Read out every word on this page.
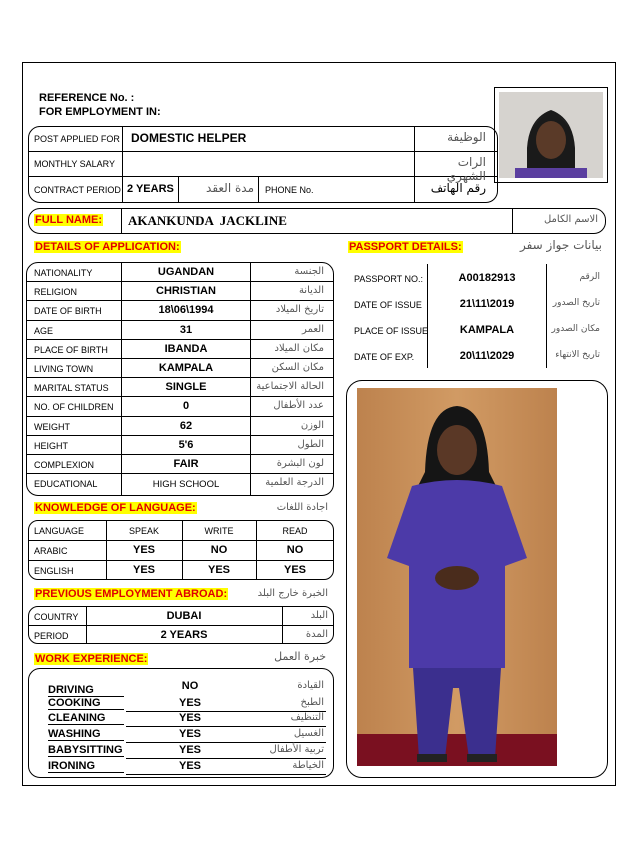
REFERENCE No. :
FOR EMPLOYMENT IN:
POST APPLIED FOR DOMESTIC HELPER	الوظيفة
MONTHLY SALARY	الرات الشهري
CONTRACT PERIOD 2 YEARS	مدة العقد PHONE No.	رقم الهاتف
FULL NAME: AKANKUNDA  JACKLINE	الاسم الكامل
DETAILS OF APPLICATION:
NATIONALITY	UGANDAN	الجنسة
RELIGION	CHRISTIAN	الديانة
DATE OF BIRTH	18\06\1994	تاريخ الميلاد
AGE	31	العمر
PLACE OF BIRTH	IBANDA	مكان الميلاد
LIVING TOWN	KAMPALA	مكان السكن
MARITAL STATUS	SINGLE	الحالة الاجتماعية
NO. OF CHILDREN	0	عدد الأطفال
WEIGHT	62	الوزن
HEIGHT	5'6	الطول
COMPLEXION	FAIR	لون البشرة
EDUCATIONAL	HIGH SCHOOL	الدرجة العلمية
PASSPORT DETAILS:	بيانات جواز سفر
PASSPORT NO.:	A00182913	الرقم
DATE OF ISSUE	21\11\2019	تاريخ الصدور
PLACE OF ISSUE	KAMPALA	مكان الصدور
DATE OF EXP.	20\11\2029	تاريخ الانتهاء
KNOWLEDGE OF LANGUAGE:	اجادة اللغات
LANGUAGE	SPEAK	WRITE	READ
ARABIC	YES	NO	NO
ENGLISH	YES	YES	YES
PREVIOUS EMPLOYMENT ABROAD:	الخبرة خارج البلد
COUNTRY	DUBAI	البلد
PERIOD	2 YEARS	المدة
WORK EXPERIENCE:	خبرة العمل
DRIVING	NO	القيادة
COOKING	YES	الطبخ
CLEANING	YES	التنظيف
WASHING	YES	الغسيل
BABYSITTING	YES	تربية الأطفال
IRONING	YES	الخياطة
